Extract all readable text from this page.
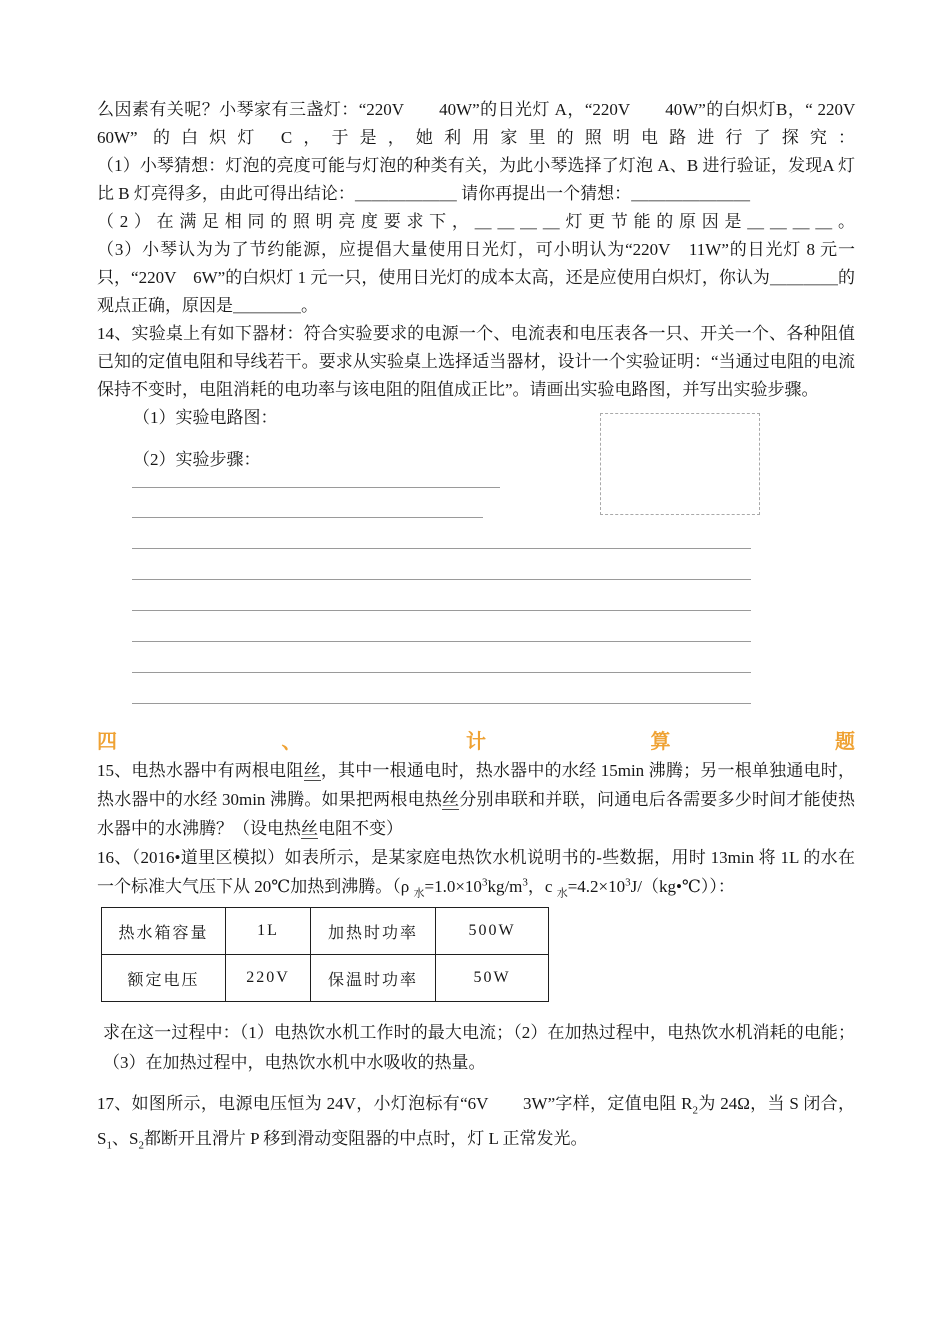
么因素有关呢？小琴家有三盏灯：“220V　　40W”的日光灯 A，“220V　　40W”的白炽灯B，“ 220V　　60W” 的白炽灯 C，于是，她利用家里的照明电路进行了探究：

（1）小琴猜想：灯泡的亮度可能与灯泡的种类有关，为此小琴选择了灯泡 A、B 进行验证，发现A 灯比 B 灯亮得多，由此可得出结论：＿＿＿＿＿＿ 请你再提出一个猜想：＿＿＿＿＿＿＿

（2）在满足相同的照明亮度要求下，＿＿＿＿灯更节能的原因是＿＿＿＿。

（3）小琴认为为了节约能源，应提倡大量使用日光灯，可小明认为“220V　11W”的日光灯 8 元一只，“220V　6W”的白炽灯 1 元一只，使用日光灯的成本太高，还是应使用白炽灯，你认为＿＿＿＿的观点正确，原因是＿＿＿＿。

14、实验桌上有如下器材：符合实验要求的电源一个、电流表和电压表各一只、开关一个、各种阻值已知的定值电阻和导线若干。要求从实验桌上选择适当器材，设计一个实验证明：“当通过电阻的电流保持不变时，电阻消耗的电功率与该电阻的阻值成正比”。请画出实验电路图，并写出实验步骤。

（1）实验电路图：

（2）实验步骤：

四	、	计	算	题

15、电热水器中有两根电阻丝，其中一根通电时，热水器中的水经 15min 沸腾；另一根单独通电时，热水器中的水经 30min 沸腾。如果把两根电热丝分别串联和并联，问通电后各需要多少时间才能使热水器中的水沸腾？（设电热丝电阻不变）

16、（2016•道里区模拟）如表所示，是某家庭电热饮水机说明书的-些数据，用时 13min 将 1L 的水在一个标准大气压下从 20℃加热到沸腾。（ρ $_水=1.0\times 10^3kg/m^3$，c $_水=4.2\times 10^3J/(kg•℃)$）：

热水箱容量	1L	加热时功率	500W
额定电压	220V	保温时功率	50W

求在这一过程中：（1）电热饮水机工作时的最大电流；（2）在加热过程中，电热饮水机消耗的电能；（3）在加热过程中，电热饮水机中水吸收的热量。

17、如图所示，电源电压恒为 24V，小灯泡标有“6V　　3W”字样，定值电阻 $R_2$为 24Ω，当 S 闭合，$S_1$、$S_2$都断开且滑片 P 移到滑动变阻器的中点时，灯 L 正常发光。
